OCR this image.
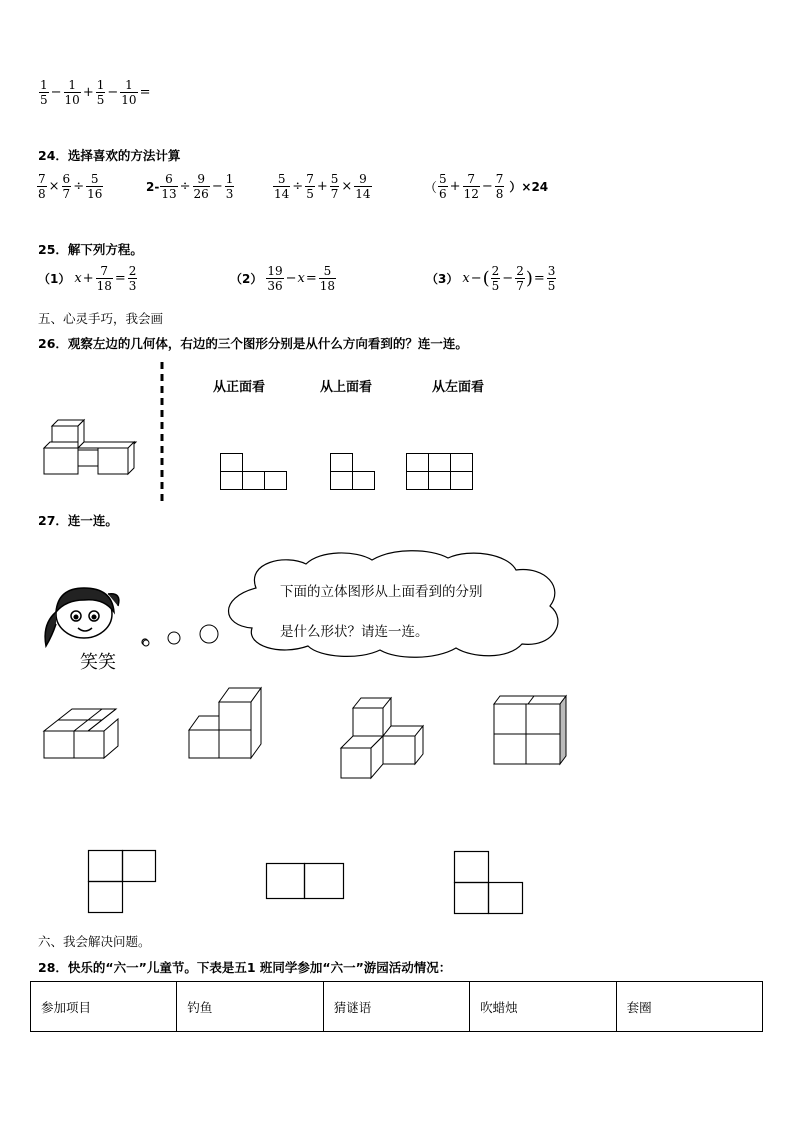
$\frac{1}{5} - \frac{1}{10} + \frac{1}{5} - \frac{1}{10}$ =
24．选择喜欢的方法计算
$\frac{7}{8} \times \frac{6}{7} \div \frac{5}{16}$	$2- \frac{6}{13} \div \frac{9}{26} - \frac{1}{3}$	$\frac{5}{14} \div \frac{7}{5} + \frac{5}{7} \times \frac{9}{14}$	（ $\frac{5}{6} + \frac{7}{12} - \frac{7}{8} )\times 24$
25．解下列方程。
（1） $x + \frac{7}{18} = \frac{2}{3}$	$(2) \frac{19}{36} - x = \frac{5}{18}$	（3） x − ( $\frac{2}{5} - \frac{2}{7}$ ) = $\frac{3}{5}$
五、心灵手巧，我会画
26．观察左边的几何体，右边的三个图形分别是从什么方向看到的？连一连。
从正面看	从上面看	从左面看
27．连一连。
笑笑
下面的立体图形从上面看到的分别
是什么形状？请连一连。
六、我会解决问题。
28．快乐的“六一”儿童节。下表是五1 班同学参加“六一”游园活动情况：
参加项目	钓鱼	猜谜语	吹蜡烛	套圈
